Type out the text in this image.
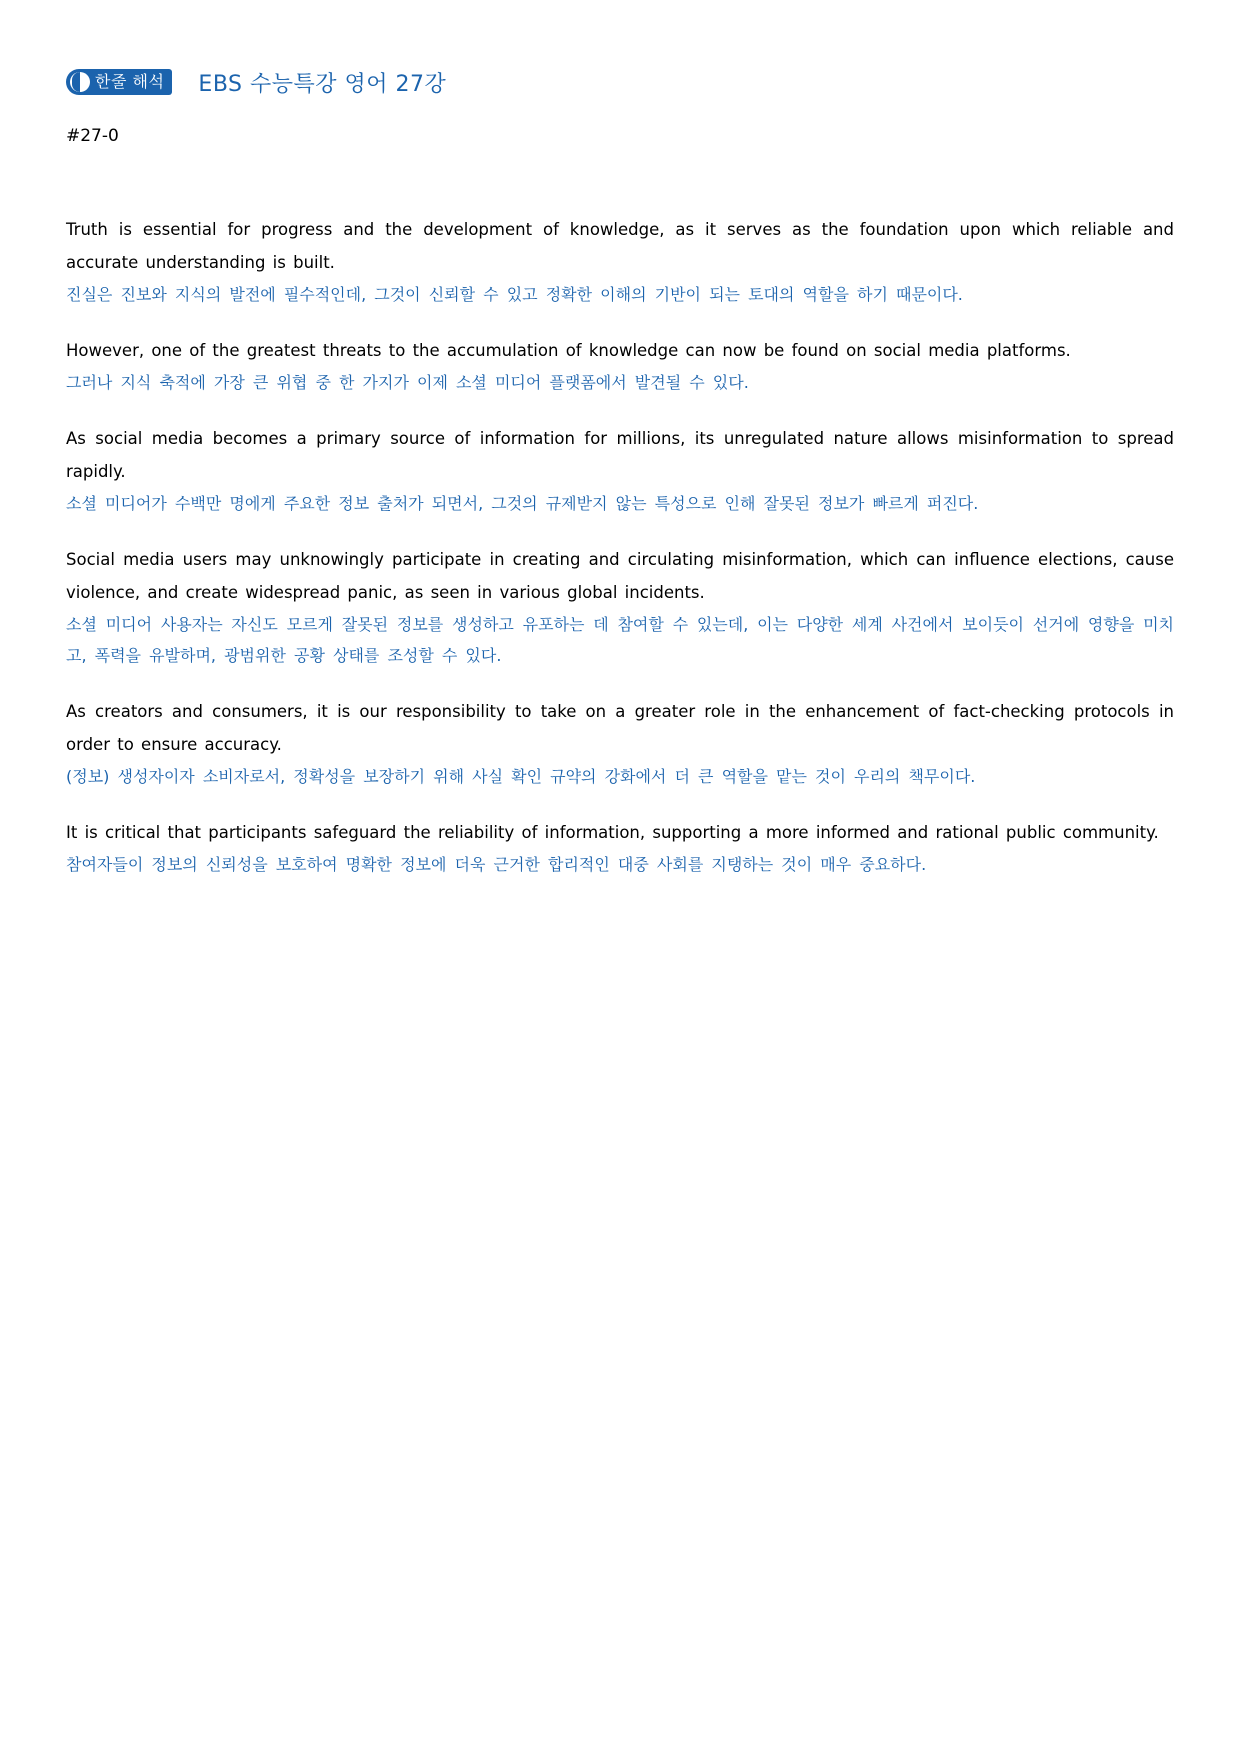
한줄 해석 EBS 수능특강 영어 27강
#27-0

Truth is essential for progress and the development of knowledge, as it serves as the foundation upon which reliable and accurate understanding is built.

진실은 진보와 지식의 발전에 필수적인데, 그것이 신뢰할 수 있고 정확한 이해의 기반이 되는 토대의 역할을 하기 때문이다.

However, one of the greatest threats to the accumulation of knowledge can now be found on social media platforms.

그러나 지식 축적에 가장 큰 위협 중 한 가지가 이제 소셜 미디어 플랫폼에서 발견될 수 있다.

As social media becomes a primary source of information for millions, its unregulated nature allows misinformation to spread rapidly.

소셜 미디어가 수백만 명에게 주요한 정보 출처가 되면서, 그것의 규제받지 않는 특성으로 인해 잘못된 정보가 빠르게 퍼진다.

Social media users may unknowingly participate in creating and circulating misinformation, which can influence elections, cause violence, and create widespread panic, as seen in various global incidents.

소셜 미디어 사용자는 자신도 모르게 잘못된 정보를 생성하고 유포하는 데 참여할 수 있는데, 이는 다양한 세계 사건에서 보이듯이 선거에 영향을 미치고, 폭력을 유발하며, 광범위한 공황 상태를 조성할 수 있다.

As creators and consumers, it is our responsibility to take on a greater role in the enhancement of fact-checking protocols in order to ensure accuracy.

(정보) 생성자이자 소비자로서, 정확성을 보장하기 위해 사실 확인 규약의 강화에서 더 큰 역할을 맡는 것이 우리의 책무이다.

It is critical that participants safeguard the reliability of information, supporting a more informed and rational public community.

참여자들이 정보의 신뢰성을 보호하여 명확한 정보에 더욱 근거한 합리적인 대중 사회를 지탱하는 것이 매우 중요하다.
